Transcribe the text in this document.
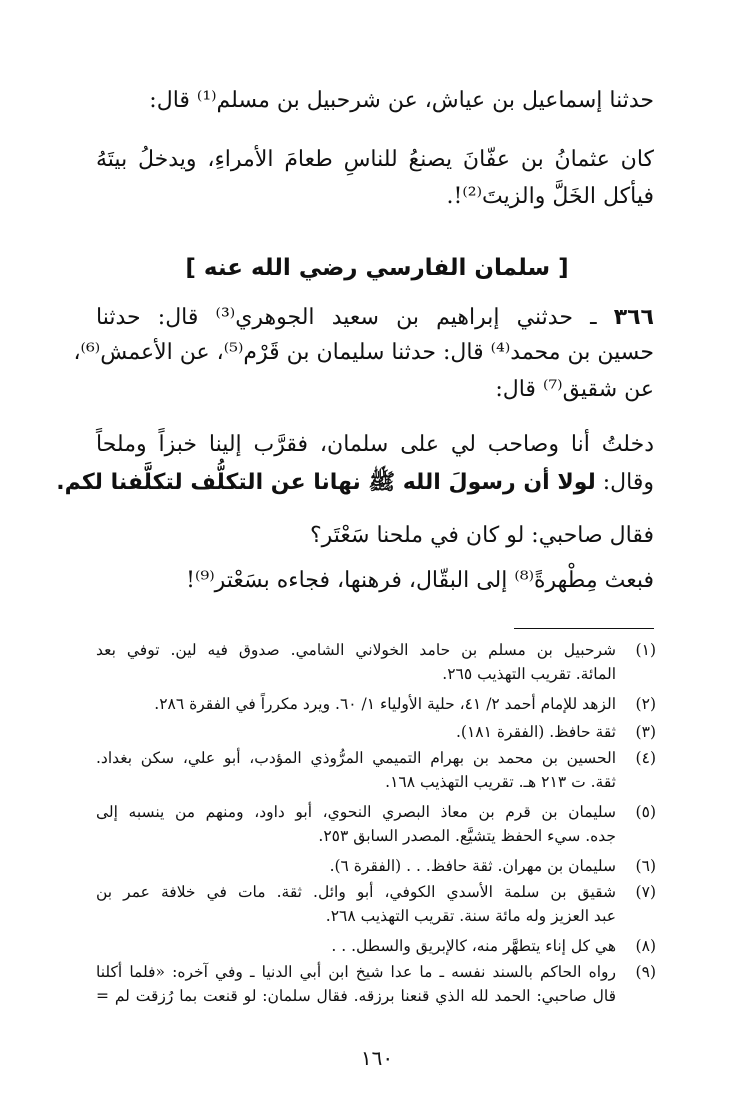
حدثنا إسماعيل بن عياش، عن شرحبيل بن مسلم⁽¹⁾ قال:
كان عثمانُ بن عفّانَ يصنعُ للناسِ طعامَ الأمراءِ، ويدخلُ بيتَهُ
فيأكل الخَلَّ والزيتَ⁽²⁾!.
[ سلمان الفارسي رضي الله عنه ]
٣٦٦ ـ حدثني إبراهيم بن سعيد الجوهري⁽³⁾ قال: حدثنا
حسين بن محمد⁽⁴⁾ قال: حدثنا سليمان بن قَرْم⁽⁵⁾، عن الأعمش⁽⁶⁾،
عن شقيق⁽⁷⁾ قال:
دخلتُ أنا وصاحب لي على سلمان، فقرَّب إلينا خبزاً وملحاً
وقال: لولا أن رسولَ الله ﷺ نهانا عن التكلُّف لتكلَّفنا لكم.
فقال صاحبي: لو كان في ملحنا سَعْتَر؟
فبعث مِطْهرةً⁽⁸⁾ إلى البقّال، فرهنها، فجاءه بسَعْتر⁽⁹⁾!
(١)
شرحبيل بن مسلم بن حامد الخولاني الشامي. صدوق فيه لين. توفي بعد
المائة. تقريب التهذيب ٢٦٥.
(٢)
الزهد للإمام أحمد ٢/ ٤١، حلية الأولياء ١/ ٦٠. ويرد مكرراً في الفقرة ٢٨٦.
(٣)
ثقة حافظ. (الفقرة ١٨١).
(٤)
الحسين بن محمد بن بهرام التميمي المرُّوذي المؤدب، أبو علي، سكن بغداد.
ثقة. ت ٢١٣ هـ. تقريب التهذيب ١٦٨.
(٥)
سليمان بن قرم بن معاذ البصري النحوي، أبو داود، ومنهم من ينسبه إلى
جده. سيء الحفظ يتشيَّع. المصدر السابق ٢٥٣.
(٦)
سليمان بن مهران. ثقة حافظ. . . (الفقرة ٦).
(٧)
شقيق بن سلمة الأسدي الكوفي، أبو وائل. ثقة. مات في خلافة عمر بن
عبد العزيز وله مائة سنة. تقريب التهذيب ٢٦٨.
(٨)
هي كل إناء يتطهَّر منه، كالإبريق والسطل. . .
(٩)
رواه الحاكم بالسند نفسه ـ ما عدا شيخ ابن أبي الدنيا ـ وفي آخره: «فلما أكلنا
قال صاحبي: الحمد لله الذي قنعنا برزقه. فقال سلمان: لو قنعت بما رُزقت لم =
١٦٠
